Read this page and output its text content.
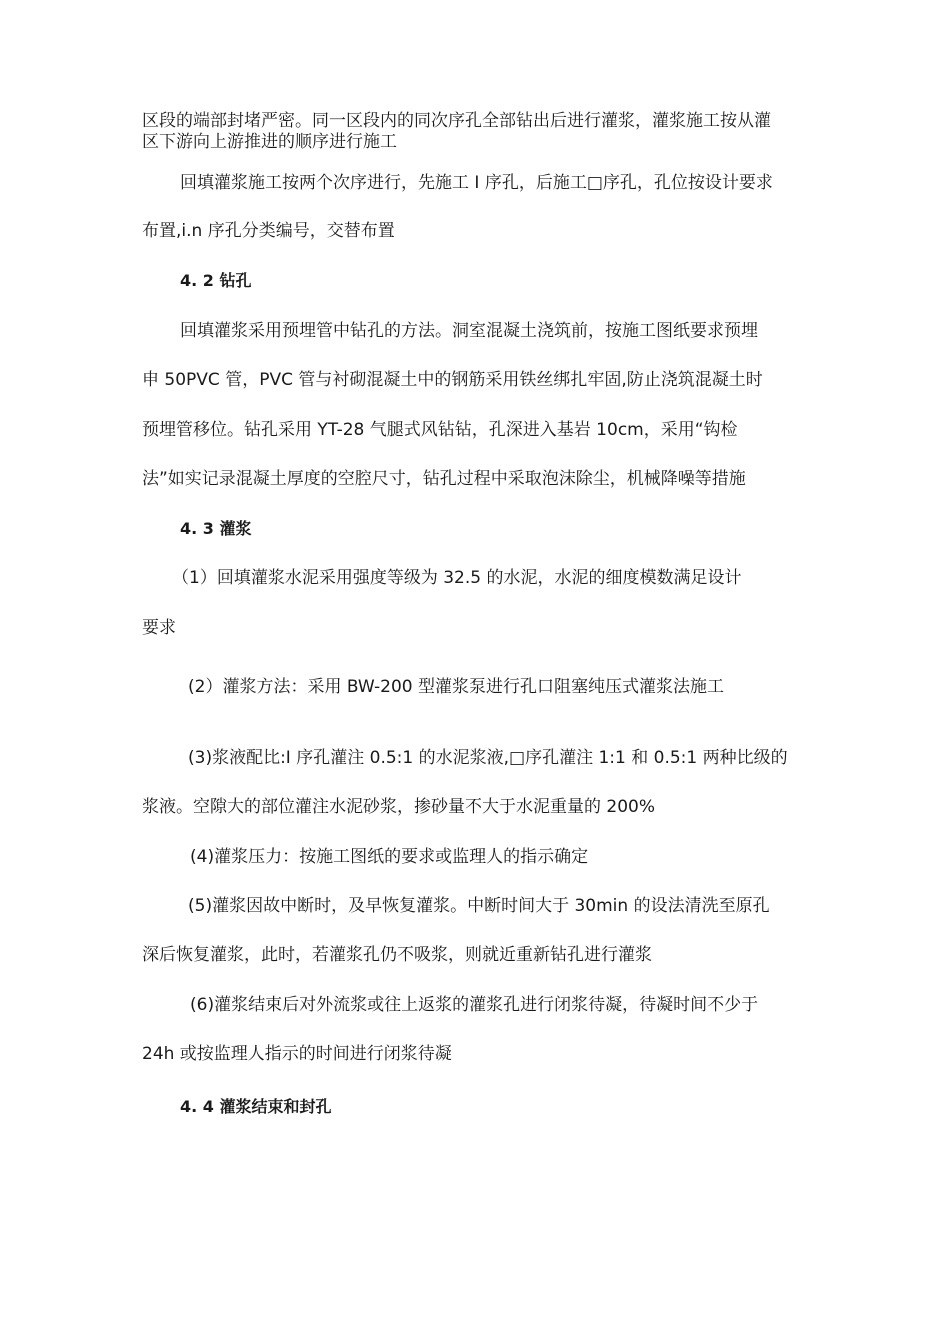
区段的端部封堵严密。同一区段内的同次序孔全部钻出后进行灌浆，灌浆施工按从灌

区下游向上游推进的顺序进行施工

回填灌浆施工按两个次序进行，先施工 I 序孔，后施工□序孔，孔位按设计要求

布置,i.n 序孔分类编号，交替布置

4. 2 钻孔

回填灌浆采用预埋管中钻孔的方法。洞室混凝土浇筑前，按施工图纸要求预埋

申 50PVC 管，PVC 管与衬砌混凝土中的钢筋采用铁丝绑扎牢固,防止浇筑混凝土时

预埋管移位。钻孔采用 YT-28 气腿式风钻钻，孔深进入基岩 10cm，采用“钩检

法”如实记录混凝土厚度的空腔尺寸，钻孔过程中采取泡沫除尘，机械降噪等措施

4. 3 灌浆

（1）回填灌浆水泥采用强度等级为 32.5 的水泥，水泥的细度模数满足设计

要求

(2）灌浆方法：采用 BW-200 型灌浆泵进行孔口阻塞纯压式灌浆法施工

(3)浆液配比:I 序孔灌注 0.5:1 的水泥浆液,□序孔灌注 1:1 和 0.5:1 两种比级的

浆液。空隙大的部位灌注水泥砂浆，掺砂量不大于水泥重量的 200%

(4)灌浆压力：按施工图纸的要求或监理人的指示确定

(5)灌浆因故中断时，及早恢复灌浆。中断时间大于 30min 的设法清洗至原孔

深后恢复灌浆，此时，若灌浆孔仍不吸浆，则就近重新钻孔进行灌浆

(6)灌浆结束后对外流浆或往上返浆的灌浆孔进行闭浆待凝，待凝时间不少于

24h 或按监理人指示的时间进行闭浆待凝

4. 4 灌浆结束和封孔
